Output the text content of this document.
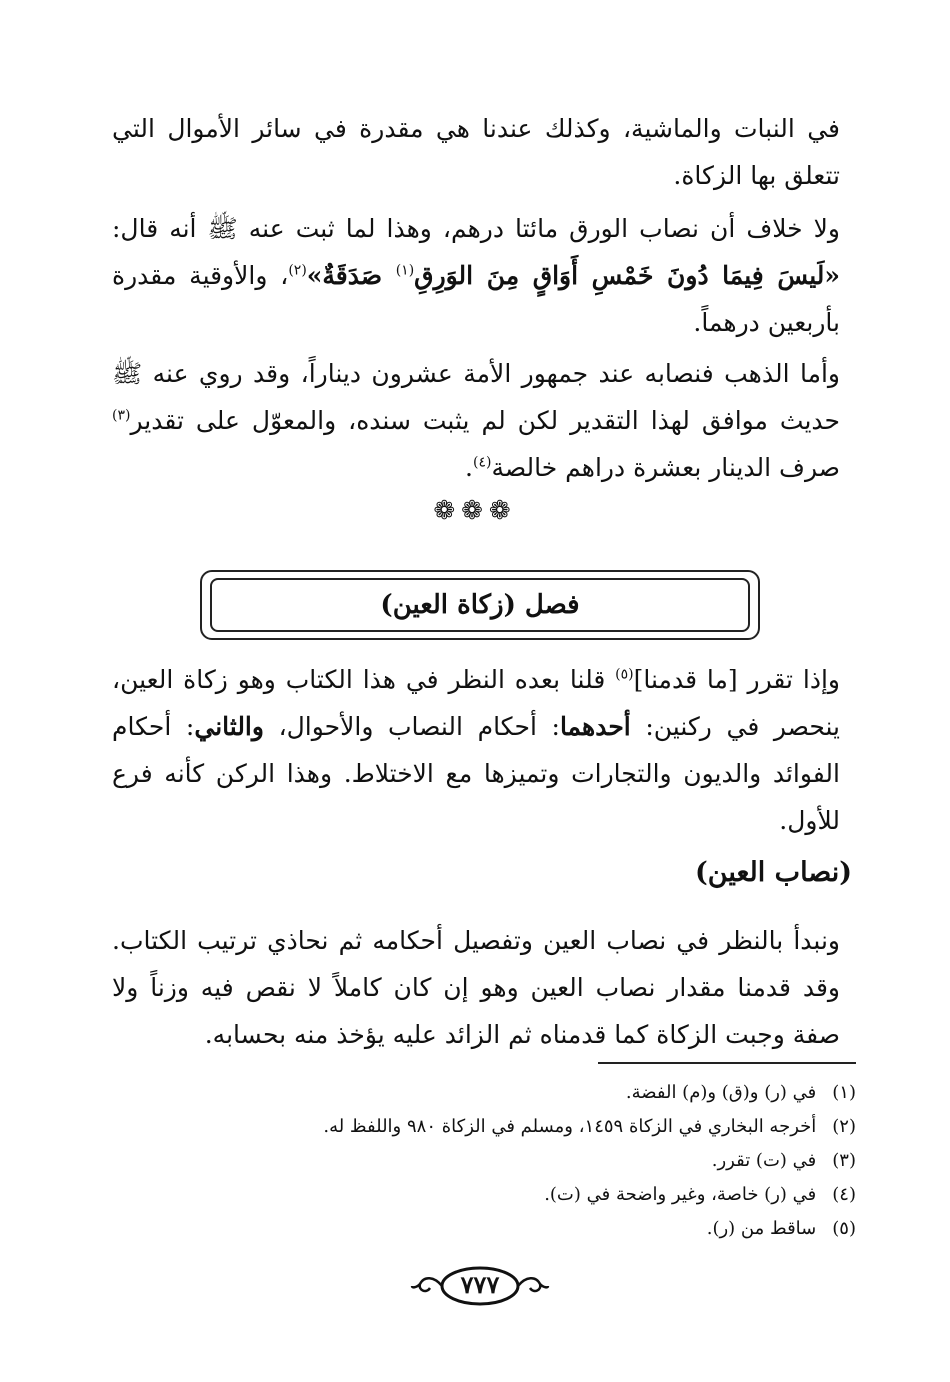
في النبات والماشية، وكذلك عندنا هي مقدرة في سائر الأموال التي تتعلق بها الزكاة.

ولا خلاف أن نصاب الورق مائتا درهم، وهذا لما ثبت عنه ﷺ أنه قال: «لَيسَ فِيمَا دُونَ خَمْسِ أَوَاقٍ مِنَ الوَرِقِ$^{(١)}$ صَدَقَةٌ»$^{(٢)}$، والأوقية مقدرة بأربعين درهماً.

وأما الذهب فنصابه عند جمهور الأمة عشرون ديناراً، وقد روي عنه ﷺ حديث موافق لهذا التقدير لكن لم يثبت سنده، والمعوّل على تقدير$^{(٣)}$ صرف الدينار بعشرة دراهم خالصة$^{(٤)}$.

❁❁❁
فصل (زكاة العين)

وإذا تقرر [ما قدمنا]$^{(٥)}$ قلنا بعده النظر في هذا الكتاب وهو زكاة العين، ينحصر في ركنين: أحدهما: أحكام النصاب والأحوال، والثاني: أحكام الفوائد والديون والتجارات وتميزها مع الاختلاط. وهذا الركن كأنه فرع للأول.

(نصاب العين)

ونبدأ بالنظر في نصاب العين وتفصيل أحكامه ثم نحاذي ترتيب الكتاب. وقد قدمنا مقدار نصاب العين وهو إن كان كاملاً لا نقص فيه وزناً ولا صفة وجبت الزكاة كما قدمناه ثم الزائد عليه يؤخذ منه بحسابه.

(١) في (ر) و(ق) و(م) الفضة.
(٢) أخرجه البخاري في الزكاة ١٤٥٩، ومسلم في الزكاة ٩٨٠ واللفظ له.
(٣) في (ت) تقرر.
(٤) في (ر) خاصة، وغير واضحة في (ت).
(٥) ساقط من (ر).
٧٧٧
